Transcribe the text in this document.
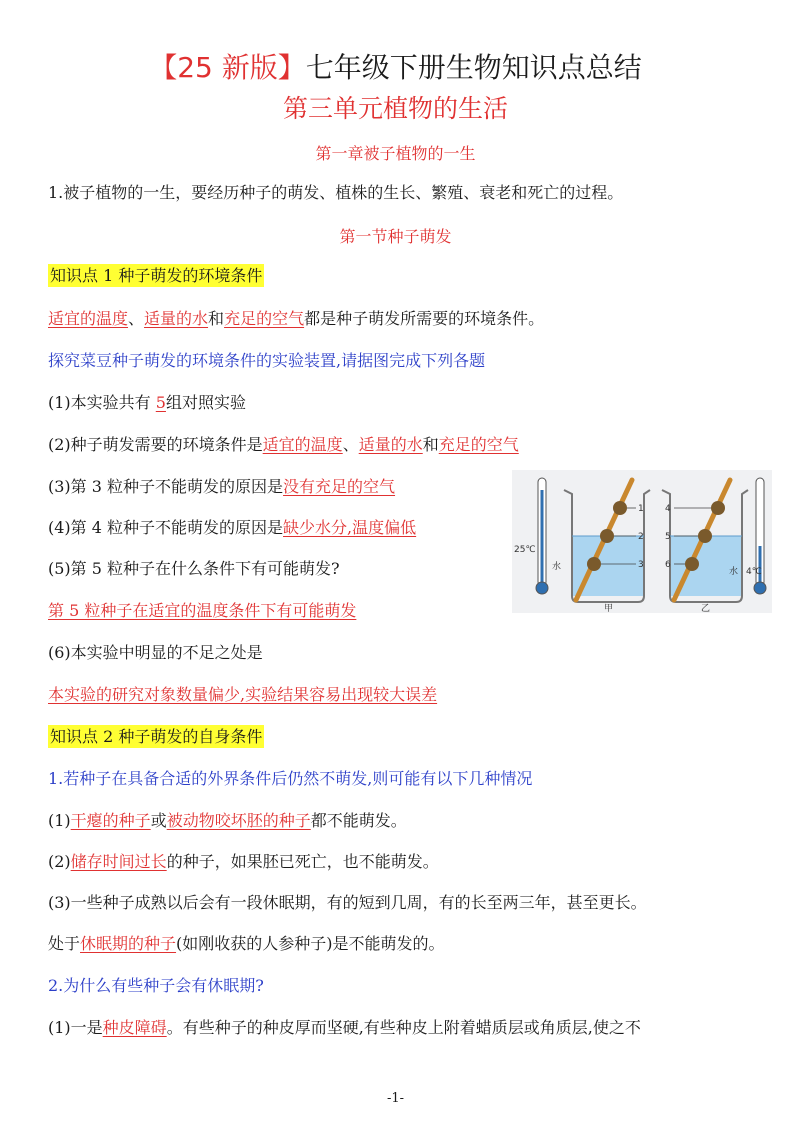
【25 新版】七年级下册生物知识点总结
第三单元植物的生活
第一章被子植物的一生
1.被子植物的一生，要经历种子的萌发、植株的生长、繁殖、衰老和死亡的过程。
第一节种子萌发
知识点 1 种子萌发的环境条件
适宜的温度、适量的水和充足的空气都是种子萌发所需要的环境条件。
探究菜豆种子萌发的环境条件的实验装置,请据图完成下列各题
(1)本实验共有 5组对照实验
(2)种子萌发需要的环境条件是适宜的温度、适量的水和充足的空气
(3)第 3 粒种子不能萌发的原因是没有充足的空气
(4)第 4 粒种子不能萌发的原因是缺少水分,温度偏低
(5)第 5 粒种子在什么条件下有可能萌发?
第 5 粒种子在适宜的温度条件下有可能萌发
(6)本实验中明显的不足之处是
本实验的研究对象数量偏少,实验结果容易出现较大误差
25℃
4℃
水	水
1
2
3
4
5
6
甲	乙
知识点 2 种子萌发的自身条件
1.若种子在具备合适的外界条件后仍然不萌发,则可能有以下几种情况
(1)干瘪的种子或被动物咬坏胚的种子都不能萌发。
(2)储存时间过长的种子，如果胚已死亡，也不能萌发。
(3)一些种子成熟以后会有一段休眠期，有的短到几周，有的长至两三年，甚至更长。
处于休眠期的种子(如刚收获的人参种子)是不能萌发的。
2.为什么有些种子会有休眠期?
(1)一是种皮障碍。有些种子的种皮厚而坚硬,有些种皮上附着蜡质层或角质层,使之不
-1-
